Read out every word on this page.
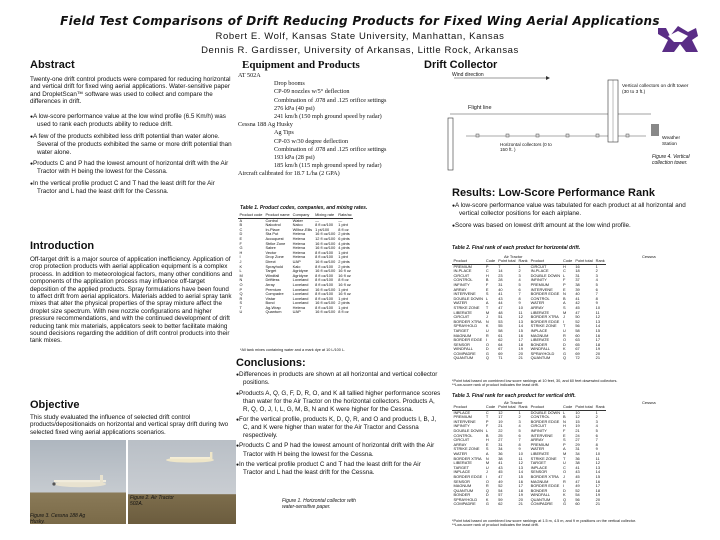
Field Test Comparisons of Drift Reducing Products for Fixed Wing Aerial Applications
Robert E. Wolf, Kansas State University, Manhattan, Kansas
Dennis R. Gardisser, University of Arkansas, Little Rock, Arkansas
Abstract
Twenty-one drift control products were compared for reducing horizontal and vertical drift for fixed wing aerial applications. Water-sensitive paper and DropletScan™ software was used to collect and compare the differences in drift.
● A low-score performance value at the low wind profile (6.5 Km/h) was used to rank each products ability to reduce drift.
● A few of the products exhibited less drift potential than water alone. Several of the products exhibited the same or more drift potential than water alone.
● Products C and P had the lowest amount of horizontal drift with the Air Tractor with H being the lowest for the Cessna.
● In the vertical profile product C and T had the least drift for the Air Tractor and L had the least drift for the Cessna.
Introduction
Off-target drift is a major source of application inefficiency. Application of crop protection products with aerial application equipment is a complex process. In addition to meteorological factors, many other conditions and components of the application process may influence off-target deposition of the applied products. Spray formulations have been found to affect drift from aerial applicators. Materials added to aerial spray tank mixes that alter the physical properties of the spray mixture affect the droplet size spectrum. With new nozzle configurations and higher pressure recommendations, and with the continued development of drift reducing tank mix materials, applicators seek to better facilitate making sound decisions regarding the addition of drift control products into their tank mixes.
Objective
This study evaluated the influence of selected drift control products/depositionaids on horizontal and vertical spray drift during two selected fixed wing aerial applications scenarios.
Figure 2. Air Tractor 502A.
Figure 3. Cessna 188 Ag Husky.
Equipment and Products
AT 502A
Drop booms
CP-09 nozzles w/5° deflection
Combination of .078 and .125 orifice settings
276 kPa (40 psi)
241 km/h (150 mph ground speed by radar)
Cessna 188 Ag Husky
Ag Tips
CP-03 w/30 degree deflection
Combination of .078 and .125 orifice settings
193 kPa (28 psi)
185 km/h (115 mph ground speed by radar)
Aircraft calibrated for 18.7 L/ha (2 GPA)
Table 1. Product codes, companies, and mixing rates.
Product code	Product name	Company	Mixing rate	Rate/ac
A	Control	Water	—	—
B	Nalcotrol	Nalco	8 fl oz/100	1 pint
C	In-Place	Wilbur-Ellis	1 pt/100	8 fl oz
D	Sta Put	Helena	16 fl oz/100	2 pints
E	Accuquest	Helena	12 fl oz/100	6 pints
F	Strike Zone	Helena	16 fl oz/100	4 pints
G	Sabre	Helena	16 fl oz/100	4 pints
H	Vector	Helena	8 fl oz/100	1 pint
I	Drop Zone	Helena	8 fl oz/100	1 pint
J	Direct	UAP	16 fl oz/100	2 pints
K	Sprayhold	Kalo	8 fl oz/100	2 pints
L	Target	Agridyne	16 fl oz/100	16 fl oz
M	Windfall	Agridyne	8 fl oz/100	16 fl oz
N	Driftless	Loveland	8 fl oz/100	8 fl oz
O	Array	Loveland	8 fl oz/100	16 fl oz
P	Premium	Loveland	16 fl oz/100	1 pint
Q	Compadre	Loveland	8 fl oz/100	16 fl oz
R	Vistar	Loveland	8 fl oz/100	1 pint
S	Bond	Loveland	16 fl oz/100	2 pints
T	Ag-Wrap	Helena	8 fl oz/100	1 pint
U	Quantum	UAP	16 fl oz/100	8 fl oz
*All tank mixes containing water and a mark dye at 10 L/100 L.
Conclusions:
● Differences in products are shown at all horizontal and vertical collector positions.
● Products A, Q, G, F, D, R, O, and K all tallied higher performance scores than water for the Air Tractor on the horizontal collectors. Products A, R, Q, O, J, I, L, G, M, B, N and K were higher for the Cessna.
● For the vertical profile, products K, D, Q, R, and O and products I, B, J, C, and K were higher than water for the Air Tractor and Cessna respectively.
● Products C and P had the lowest amount of horizontal drift with the Air Tractor with H being the lowest for the Cessna.
● In the vertical profile product C and T had the least drift for the Air Tractor and L had the least drift for the Cessna.
Figure 1. Horizontal collector with water-sensitive paper.
Drift Collector
Wind direction
Flight line
Vertical collectors on drift tower (30 to 3 ft.)
Horizontal collectors (0 to 150 ft. )
Weather Station
Figure 4. Vertical collection tower.
Results: Low-Score Performance Rank
● A low-score performance value was tabulated for each product at all horizontal and vertical collector positions for each airplane.
● Score was based on lowest drift amount at the low wind profile.
Table 2. Final rank of each product for horizontal drift.
Air Tractor	Cessna
Product	Code	Point total	Rank	Product	Code	Point total	Rank
PREMIUM	P	7	1	CIRCUIT	H	16	1
IN-PLACE	C	14	2	IN-PLACE	C	18	2
CIRCUIT	H	23	3	DOUBLE DOWN	L	31	3
CONTROL	B	28	4	INFINITY	F	37	4
INFINITY	F	31	5	PREMIUM	P	38	5
ARRAY	E	40	6	INTERVENE	E	39	6
INTERVENE	S	41	7	BORDER EDGE	N	40	7
DOUBLE DOWN	L	43	8	CONTROL	B	41	8
WATER	A	44	9	WATER	A	42	9
STRIKE ZONE	T	47	10	ARRAY	S	45	10
LIBERATE	M	48	11	LIBERATE	M	47	11
CIRCUIT	J	51	12	BORDER XTRA	J	50	12
BORDER XTRA	N	53	13	BORDER EDGE	I	52	13
SPRAYHOLD	K	55	14	STRIKE ZONE	T	56	14
TARGET	U	58	15	INPLACE	U	58	15
MAGNUM	R	61	16	MAGNUM	R	60	16
BORDER EDGE	I	62	17	LIBERATE	O	63	17
SENSOR	O	64	18	BONDER	D	65	18
WINDFALL	D	67	19	WINDFALL	K	67	19
COMPADRE	G	69	20	SPRAYHOLD	G	69	20
QUANTUM	Q	71	21	QUANTUM	Q	72	21
*Point total based on combined low score rankings at 10 feet, 30, and 60 feet downwind collectors.
**Low-score rank of product indicates the least drift.
Table 3. Final rank for each product for vertical drift.
Air Tractor	Cessna
Product	Code	Point total	Rank	Product	Code	Point total	Rank
INPLACE	C	12	1	DOUBLE DOWN	L	10	1
PREMIUM	T	17	2	CONTROL	B	12	2
INTERVENE	P	19	3	BORDER EDGE	N	15	3
INFINITY	F	21	4	CIRCUIT	H	19	4
DOUBLE DOWN	L	22	5	INFINITY	F	21	5
CONTROL	B	25	6	INTERVENE	E	24	6
CIRCUIT	H	27	7	ARRAY	S	27	7
ARRAY	E	31	8	PREMIUM	P	29	8
STRIKE ZONE	S	34	9	WATER	A	31	9
WATER	A	36	10	LIBERATE	M	34	10
BORDER XTRA	N	38	11	STRIKE ZONE	T	36	11
LIBERATE	M	41	12	TARGET	U	38	12
TARGET	U	43	13	INPLACE	C	41	13
INPLACE	J	45	14	SENSOR	O	43	14
BORDER EDGE	I	47	15	BORDER XTRA	J	45	15
SENSOR	O	49	16	MAGNUM	R	47	16
MAGNUM	R	52	17	BORDER EDGE	I	49	17
QUANTUM	Q	54	18	BONDER	D	52	18
BONDER	D	57	19	WINDFALL	K	54	19
SPRAYHOLD	K	59	20	QUANTUM	Q	56	20
COMPADRE	G	62	21	COMPADRE	G	60	21
*Point total based on combined low score rankings at 1.5 m, 4.5 m, and 9 m positions on the vertical collector.
**Low-score rank of product indicates the least drift.
